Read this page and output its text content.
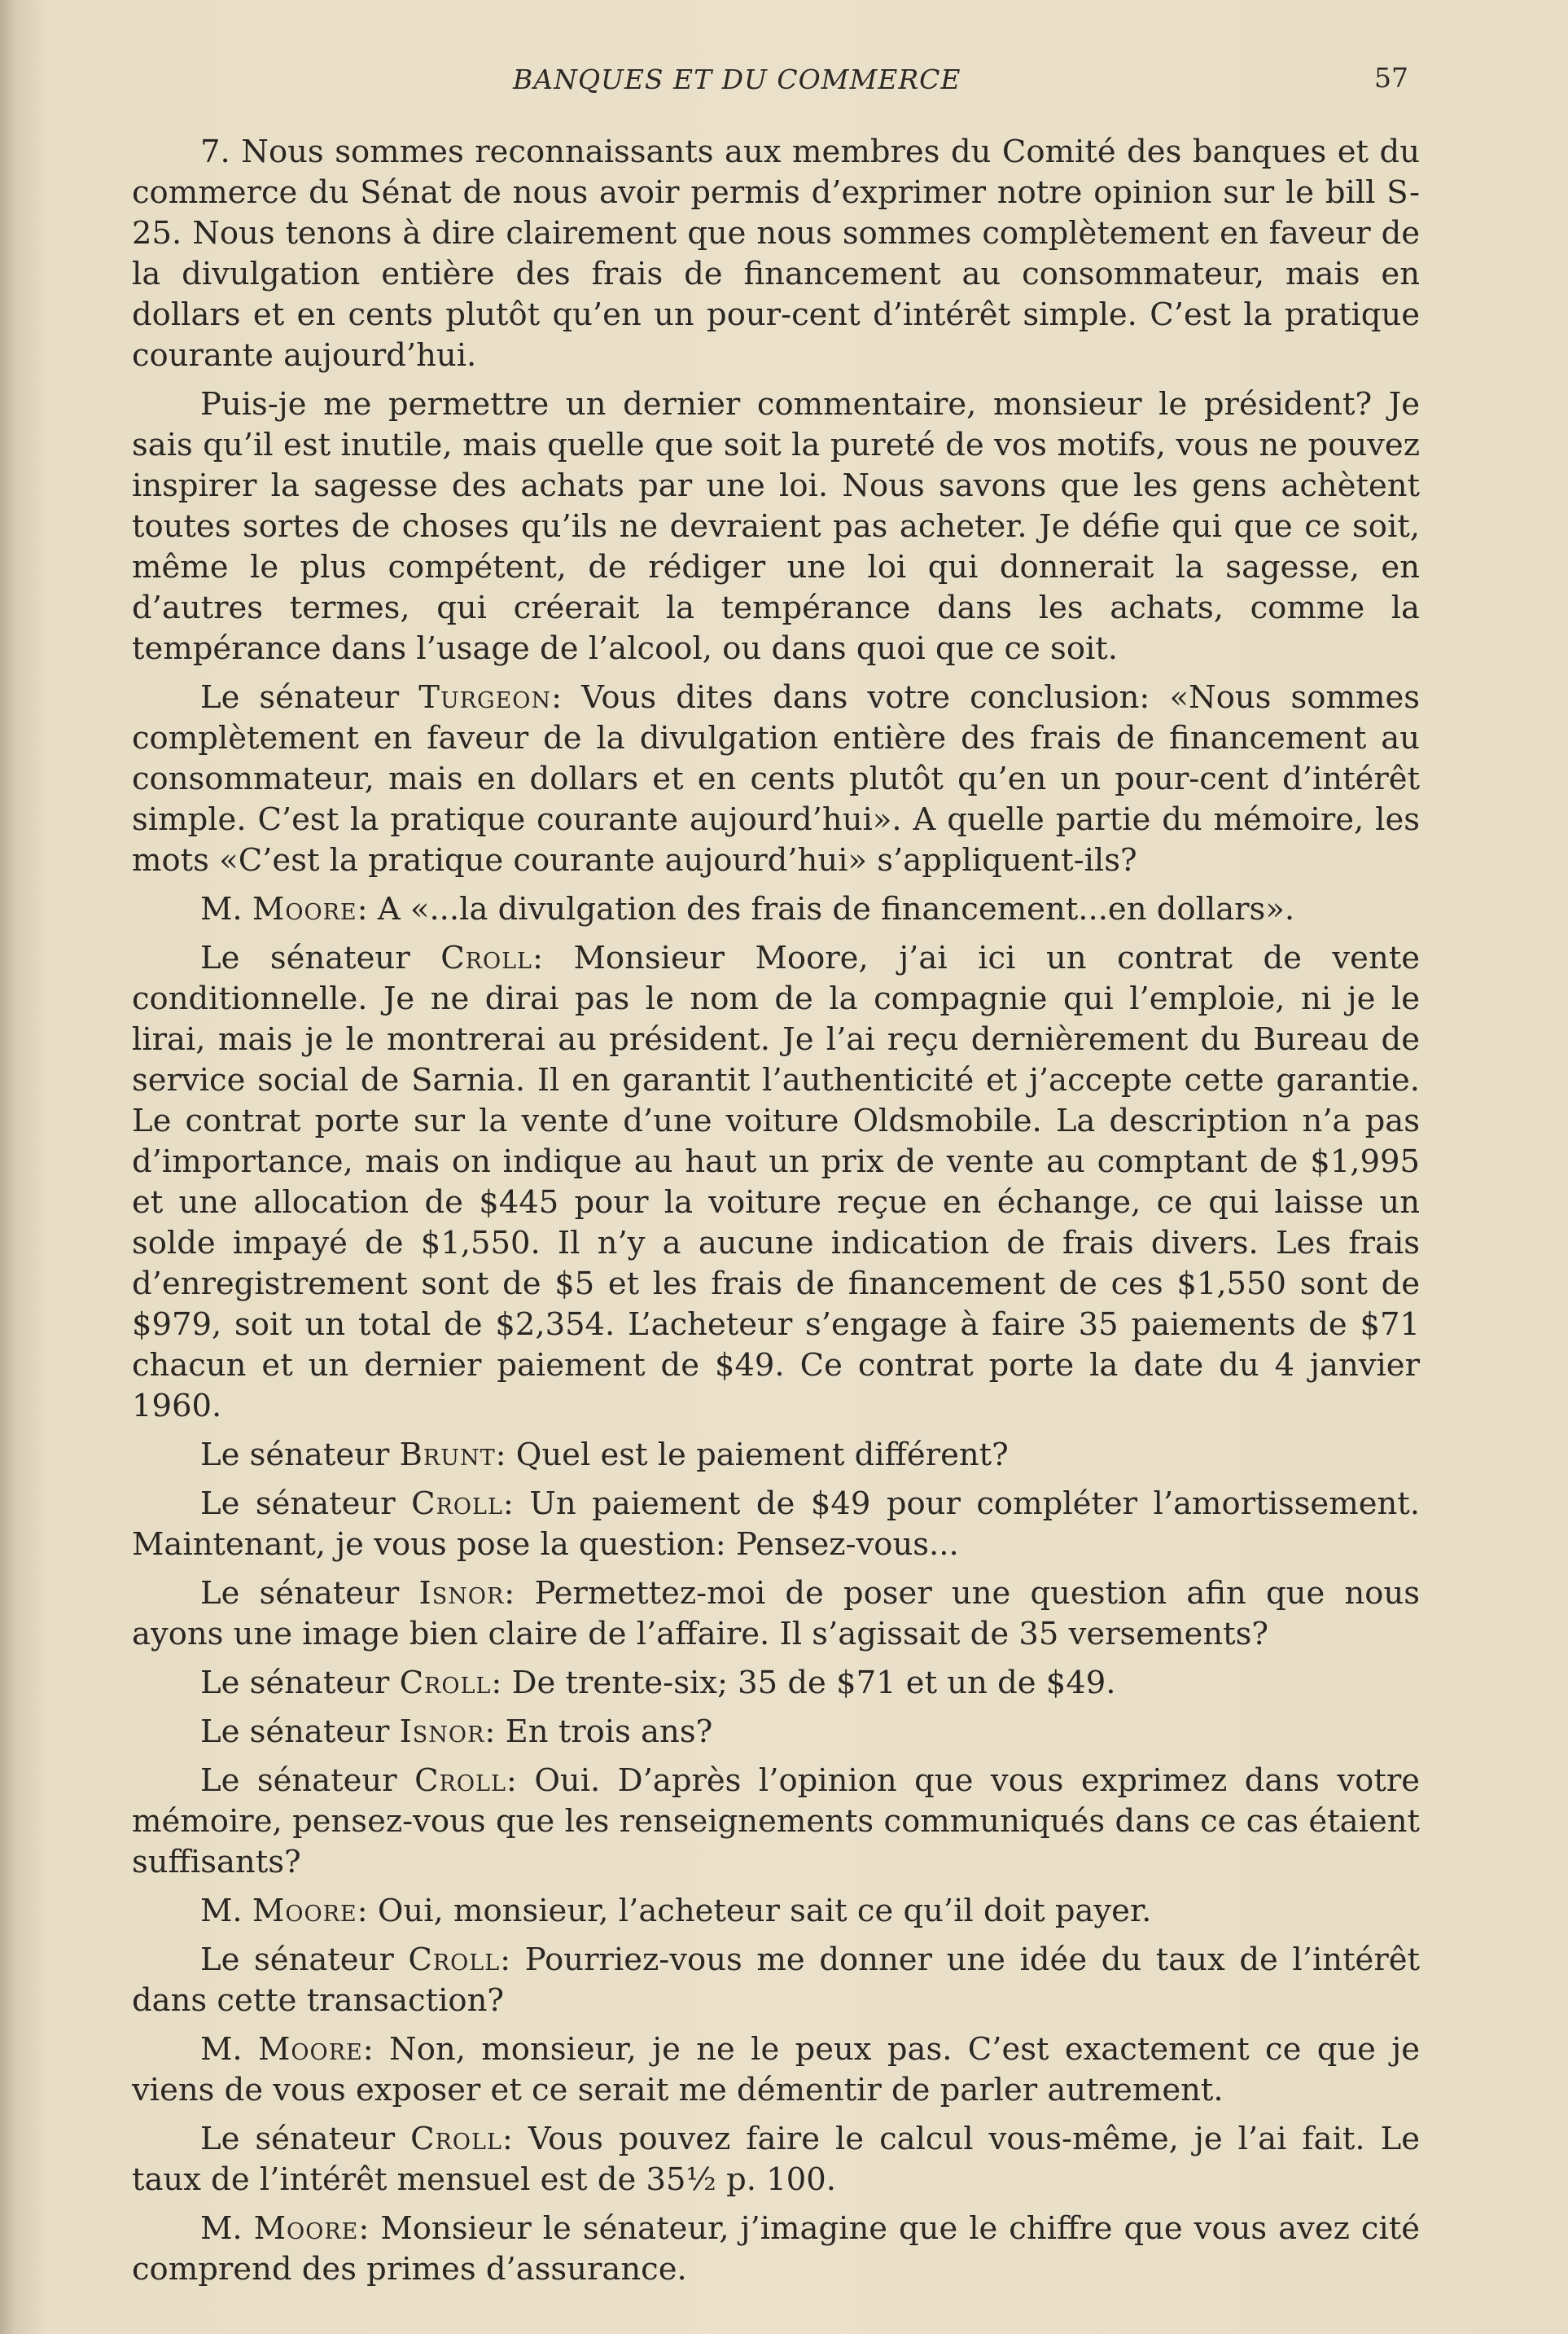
BANQUES ET DU COMMERCE	57

7. Nous sommes reconnaissants aux membres du Comité des banques et du commerce du Sénat de nous avoir permis d’exprimer notre opinion sur le bill S-25. Nous tenons à dire clairement que nous sommes complètement en faveur de la divulgation entière des frais de financement au consommateur, mais en dollars et en cents plutôt qu’en un pour-cent d’intérêt simple. C’est la pratique courante aujourd’hui.

Puis-je me permettre un dernier commentaire, monsieur le président? Je sais qu’il est inutile, mais quelle que soit la pureté de vos motifs, vous ne pouvez inspirer la sagesse des achats par une loi. Nous savons que les gens achètent toutes sortes de choses qu’ils ne devraient pas acheter. Je défie qui que ce soit, même le plus compétent, de rédiger une loi qui donnerait la sagesse, en d’autres termes, qui créerait la tempérance dans les achats, comme la tempérance dans l’usage de l’alcool, ou dans quoi que ce soit.

Le sénateur Turgeon: Vous dites dans votre conclusion: «Nous sommes complètement en faveur de la divulgation entière des frais de financement au consommateur, mais en dollars et en cents plutôt qu’en un pour-cent d’intérêt simple. C’est la pratique courante aujourd’hui». A quelle partie du mémoire, les mots «C’est la pratique courante aujourd’hui» s’appliquent-ils?

M. Moore: A «...la divulgation des frais de financement...en dollars».

Le sénateur Croll: Monsieur Moore, j’ai ici un contrat de vente conditionnelle. Je ne dirai pas le nom de la compagnie qui l’emploie, ni je le lirai, mais je le montrerai au président. Je l’ai reçu dernièrement du Bureau de service social de Sarnia. Il en garantit l’authenticité et j’accepte cette garantie. Le contrat porte sur la vente d’une voiture Oldsmobile. La description n’a pas d’importance, mais on indique au haut un prix de vente au comptant de $1,995 et une allocation de $445 pour la voiture reçue en échange, ce qui laisse un solde impayé de $1,550. Il n’y a aucune indication de frais divers. Les frais d’enregistrement sont de $5 et les frais de financement de ces $1,550 sont de $979, soit un total de $2,354. L’acheteur s’engage à faire 35 paiements de $71 chacun et un dernier paiement de $49. Ce contrat porte la date du 4 janvier 1960.

Le sénateur Brunt: Quel est le paiement différent?

Le sénateur Croll: Un paiement de $49 pour compléter l’amortissement. Maintenant, je vous pose la question: Pensez-vous...

Le sénateur Isnor: Permettez-moi de poser une question afin que nous ayons une image bien claire de l’affaire. Il s’agissait de 35 versements?

Le sénateur Croll: De trente-six; 35 de $71 et un de $49.

Le sénateur Isnor: En trois ans?

Le sénateur Croll: Oui. D’après l’opinion que vous exprimez dans votre mémoire, pensez-vous que les renseignements communiqués dans ce cas étaient suffisants?

M. Moore: Oui, monsieur, l’acheteur sait ce qu’il doit payer.

Le sénateur Croll: Pourriez-vous me donner une idée du taux de l’intérêt dans cette transaction?

M. Moore: Non, monsieur, je ne le peux pas. C’est exactement ce que je viens de vous exposer et ce serait me démentir de parler autrement.

Le sénateur Croll: Vous pouvez faire le calcul vous-même, je l’ai fait. Le taux de l’intérêt mensuel est de 35½ p. 100.

M. Moore: Monsieur le sénateur, j’imagine que le chiffre que vous avez cité comprend des primes d’assurance.
